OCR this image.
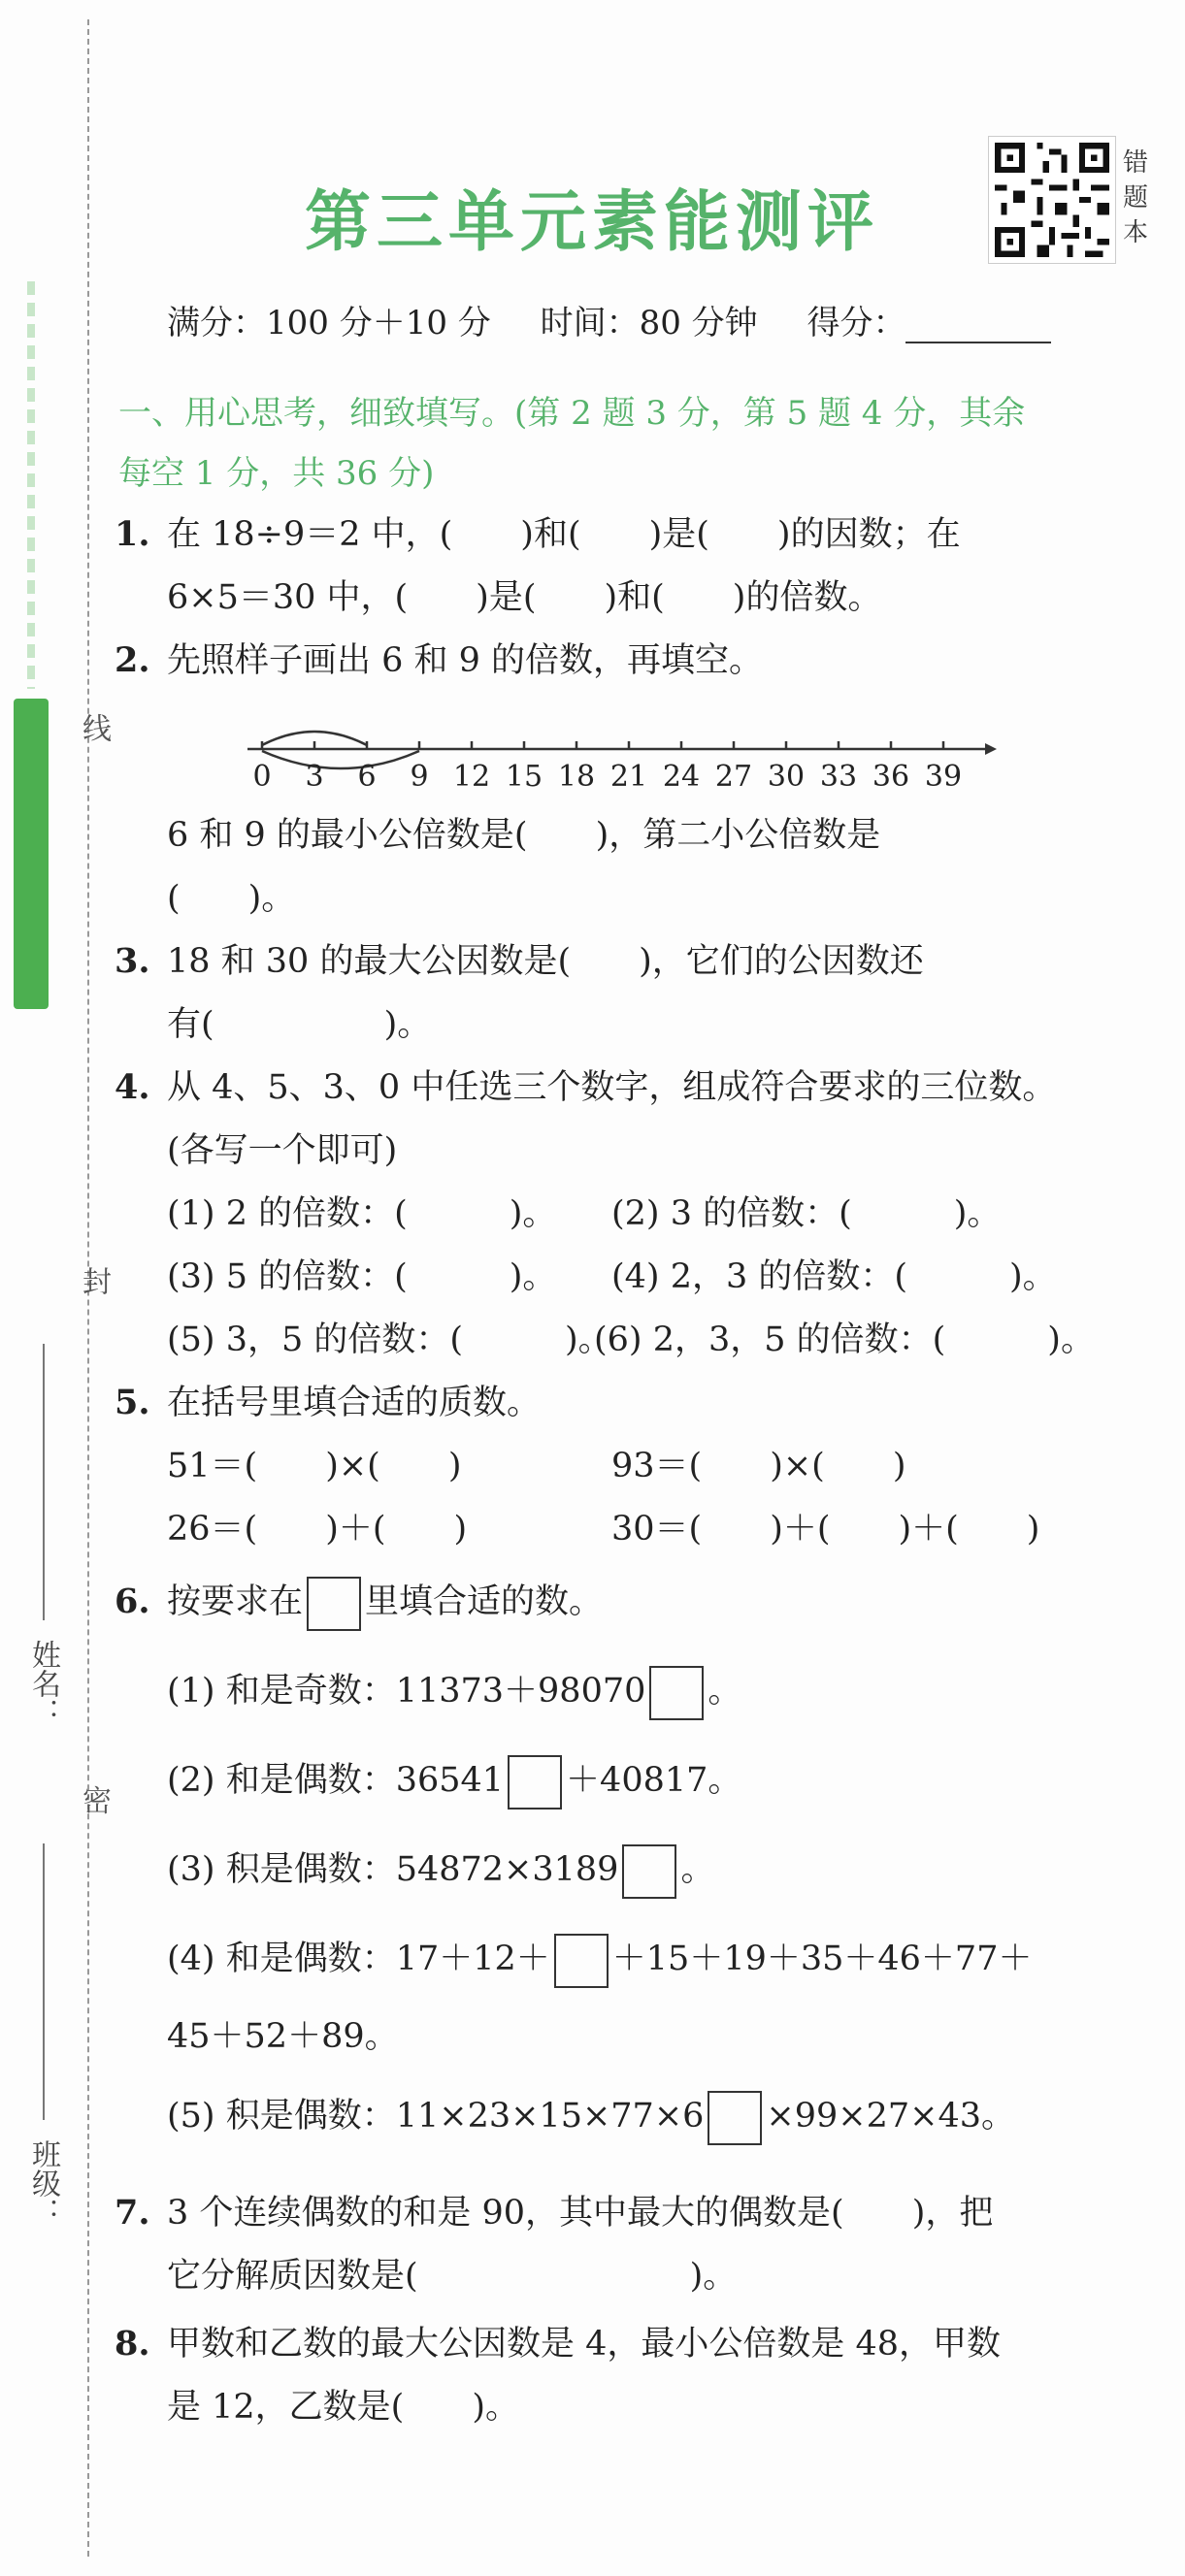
线
封
密
姓名：
班级：
第三单元素能测评
错题本
满分：100 分＋10 分 时间：80 分钟 得分：
一、用心思考，细致填写。(第 2 题 3 分，第 5 题 4 分，其余
每空 1 分，共 36 分)
1. 在 18÷9＝2 中，(　　)和(　　)是(　　)的因数；在
6×5＝30 中，(　　)是(　　)和(　　)的倍数。
2. 先照样子画出 6 和 9 的倍数，再填空。
0 3 6 9 12 15 18 21 24 27 30 33 36 39
6 和 9 的最小公倍数是(　　)，第二小公倍数是
(　　)。
3. 18 和 30 的最大公因数是(　　)，它们的公因数还
有(　　　　　)。
4. 从 4、5、3、0 中任选三个数字，组成符合要求的三位数。
(各写一个即可)
(1) 2 的倍数：(　　　)。 (2) 3 的倍数：(　　　)。
(3) 5 的倍数：(　　　)。 (4) 2，3 的倍数：(　　　)。
(5) 3，5 的倍数：(　　　)。
(6) 2，3，5 的倍数：(　　　)。
5. 在括号里填合适的质数。
51＝(　　)×(　　)	93＝(　　)×(　　)
26＝(　　)＋(　　)	30＝(　　)＋(　　)＋(　　)
6. 按要求在 里填合适的数。
(1) 和是奇数：11373＋98070 。
(2) 和是偶数：36541 ＋40817。
(3) 积是偶数：54872×3189 。
(4) 和是偶数：17＋12＋ ＋15＋19＋35＋46＋77＋
45＋52＋89。
(5) 积是偶数：11×23×15×77×6 ×99×27×43。
7. 3 个连续偶数的和是 90，其中最大的偶数是(　　)，把
它分解质因数是(　　　　　　　　)。
8. 甲数和乙数的最大公因数是 4，最小公倍数是 48，甲数
是 12，乙数是(　　)。
